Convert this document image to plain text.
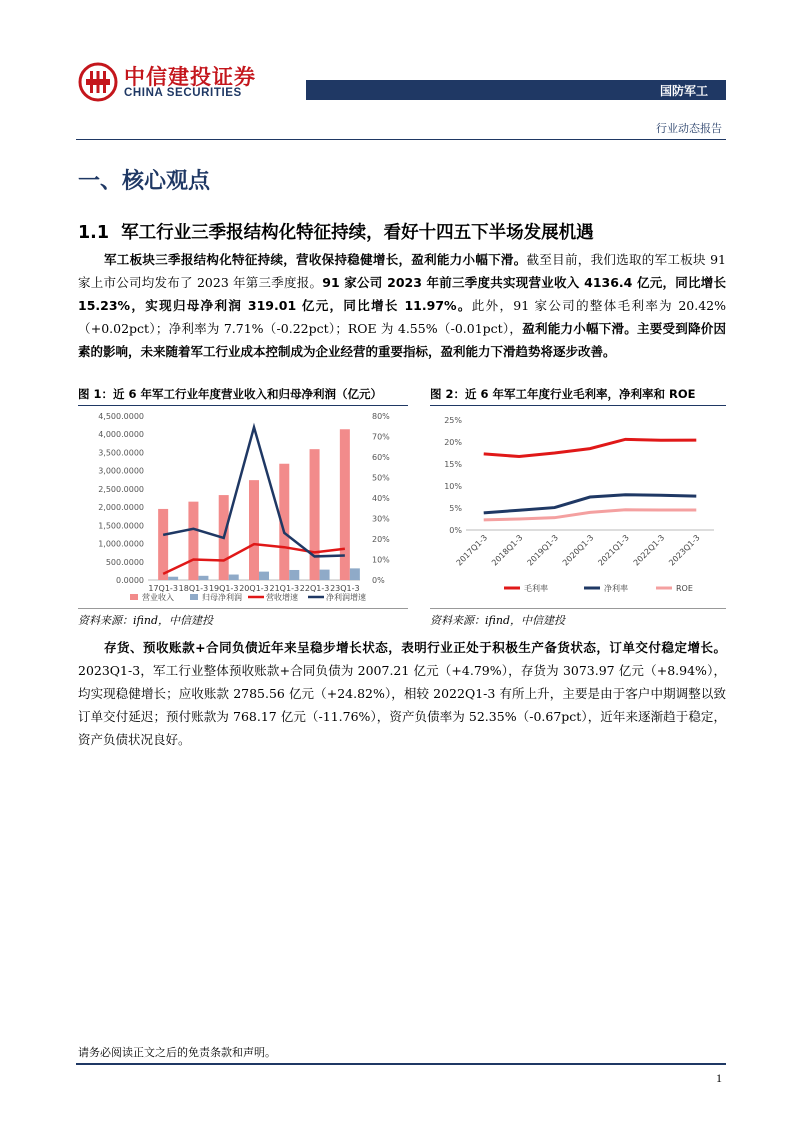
中信建投证券
CHINA SECURITIES	国防军工
行业动态报告
一、核心观点
1.1  军工行业三季报结构化特征持续，看好十四五下半场发展机遇
军工板块三季报结构化特征持续，营收保持稳健增长，盈利能力小幅下滑。截至目前，我们选取的军工板块 91 家上市公司均发布了 2023 年第三季度报。91 家公司 2023 年前三季度共实现营业收入 4136.4 亿元，同比增长 15.23%，实现归母净利润 319.01 亿元，同比增长 11.97%。此外，91 家公司的整体毛利率为 20.42%（+0.02pct）；净利率为 7.71%（-0.22pct）；ROE 为 4.55%（-0.01pct），盈利能力小幅下滑。主要受到降价因素的影响，未来随着军工行业成本控制成为企业经营的重要指标，盈利能力下滑趋势将逐步改善。
图 1：近 6 年军工行业年度营业收入和归母净利润（亿元）	图 2：近 6 年军工年度行业毛利率，净利率和 ROE
0.0000
500.0000
1,000.0000
1,500.0000
2,000.0000
2,500.0000
3,000.0000
3,500.0000
4,000.0000
4,500.0000
0%
10%
20%
30%
40%
50%
60%
70%
80%
17Q1-3 18Q1-3 19Q1-3 20Q1-3 21Q1-3 22Q1-3 23Q1-3
营业收入	归母净利润	营收增速	净利润增速
0%
5%
10%
15%
20%
25%
2017Q1-3 2018Q1-3 2019Q1-3 2020Q1-3 2021Q1-3 2022Q1-3 2023Q1-3
毛利率	净利率	ROE
资料来源：ifind，中信建投	资料来源：ifind，中信建投
存货、预收账款+合同负债近年来呈稳步增长状态，表明行业正处于积极生产备货状态，订单交付稳定增长。2023Q1-3，军工行业整体预收账款+合同负债为 2007.21 亿元（+4.79%），存货为 3073.97 亿元（+8.94%），均实现稳健增长；应收账款 2785.56 亿元（+24.82%），相较 2022Q1-3 有所上升，主要是由于客户中期调整以致订单交付延迟；预付账款为 768.17 亿元（-11.76%），资产负债率为 52.35%（-0.67pct），近年来逐渐趋于稳定，资产负债状况良好。
请务必阅读正文之后的免责条款和声明。
1
